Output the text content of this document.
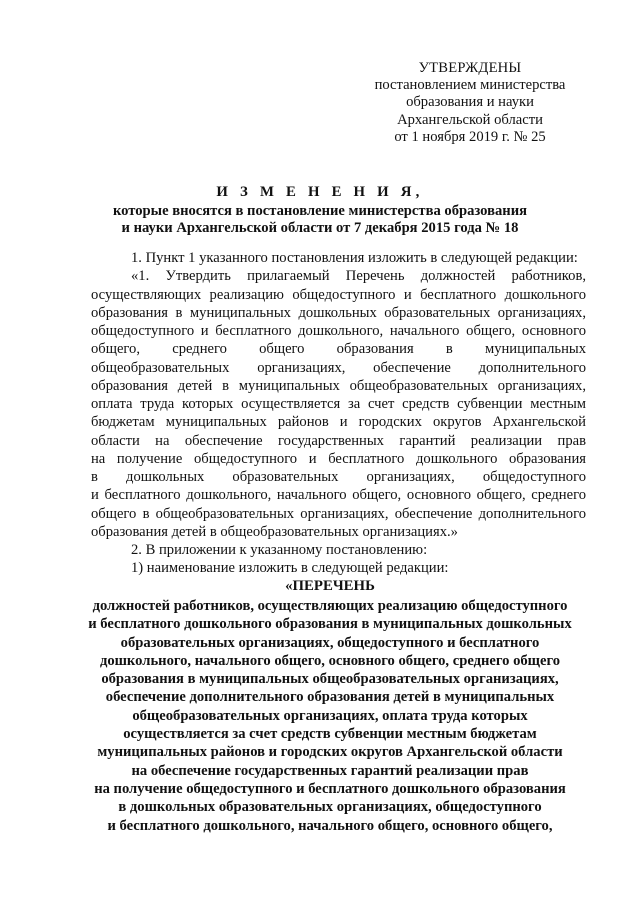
УТВЕРЖДЕНЫ
постановлением министерства
образования и науки
Архангельской области
от 1 ноября 2019 г. № 25
И З М Е Н Е Н И Я,
которые вносятся в постановление министерства образования
и науки Архангельской области от 7 декабря 2015 года № 18
1. Пункт 1 указанного постановления изложить в следующей редакции:
«1. Утвердить прилагаемый Перечень должностей работников,
осуществляющих реализацию общедоступного и бесплатного дошкольного
образования в муниципальных дошкольных образовательных организациях,
общедоступного и бесплатного дошкольного, начального общего, основного
общего, среднего общего образования в муниципальных
общеобразовательных организациях, обеспечение дополнительного
образования детей в муниципальных общеобразовательных организациях,
оплата труда которых осуществляется за счет средств субвенции местным
бюджетам муниципальных районов и городских округов Архангельской
области на обеспечение государственных гарантий реализации прав
на получение общедоступного и бесплатного дошкольного образования
в дошкольных образовательных организациях, общедоступного
и бесплатного дошкольного, начального общего, основного общего, среднего
общего в общеобразовательных организациях, обеспечение дополнительного
образования детей в общеобразовательных организациях.»
2. В приложении к указанному постановлению:
1) наименование изложить в следующей редакции:
«ПЕРЕЧЕНЬ
должностей работников, осуществляющих реализацию общедоступного
и бесплатного дошкольного образования в муниципальных дошкольных
образовательных организациях, общедоступного и бесплатного
дошкольного, начального общего, основного общего, среднего общего
образования в муниципальных общеобразовательных организациях,
обеспечение дополнительного образования детей в муниципальных
общеобразовательных организациях, оплата труда которых
осуществляется за счет средств субвенции местным бюджетам
муниципальных районов и городских округов Архангельской области
на обеспечение государственных гарантий реализации прав
на получение общедоступного и бесплатного дошкольного образования
в дошкольных образовательных организациях, общедоступного
и бесплатного дошкольного, начального общего, основного общего,
